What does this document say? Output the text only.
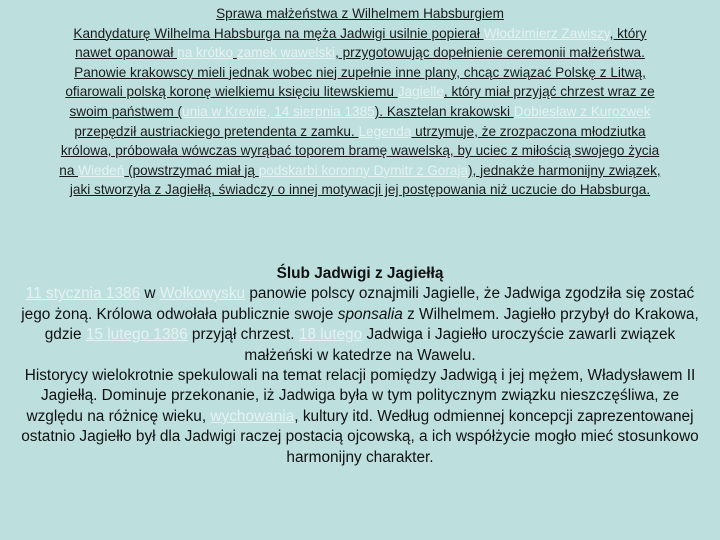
Sprawa małżeństwa z Wilhelmem Habsburgiem
Kandydaturę Wilhelma Habsburga na męża Jadwigi usilnie popierał Włodzimierz Zawiszy, który nawet opanował na krótko zamek wawelski, przygotowując dopełnienie ceremonii małżeństwa.
Panowie krakowscy mieli jednak wobec niej zupełnie inne plany, chcąc związać Polskę z Litwą, ofiarowali polską koronę wielkiemu księciu litewskiemu Jagielle, który miał przyjąć chrzest wraz ze swoim państwem (unia w Krewie, 14 sierpnia 1385). Kasztelan krakowski Dobiesław z Kurozwęk przepędził austriackiego pretendenta z zamku. Legenda utrzymuje, że zrozpaczona młodziutka królowa, próbowała wówczas wyrąbać toporem bramę wawelską, by uciec z miłością swojego życia na Wiedeń (powstrzymać miał ją podskarbi koronny Dymitr z Goraja), jednakże harmonijny związek, jaki stworzyła z Jagiełłą, świadczy o innej motywacji jej postępowania niż uczucie do Habsburga.
Ślub Jadwigi z Jagiełłą
11 stycznia 1386 w Wołkowysku panowie polscy oznajmili Jagielle, że Jadwiga zgodziła się zostać jego żoną. Królowa odwołała publicznie swoje sponsalia z Wilhelmem. Jagiełło przybył do Krakowa, gdzie 15 lutego 1386 przyjął chrzest. 18 lutego Jadwiga i Jagiełło uroczyście zawarli związek małżeński w katedrze na Wawelu.
Historycy wielokrotnie spekulowali na temat relacji pomiędzy Jadwigą i jej mężem, Władysławem II Jagiełłą. Dominuje przekonanie, iż Jadwiga była w tym politycznym związku nieszczęśliwa, ze względu na różnicę wieku, wychowania, kultury itd. Według odmiennej koncepcji zaprezentowanej ostatnio Jagiełło był dla Jadwigi raczej postacią ojcowską, a ich współżycie mogło mieć stosunkowo harmonijny charakter.
